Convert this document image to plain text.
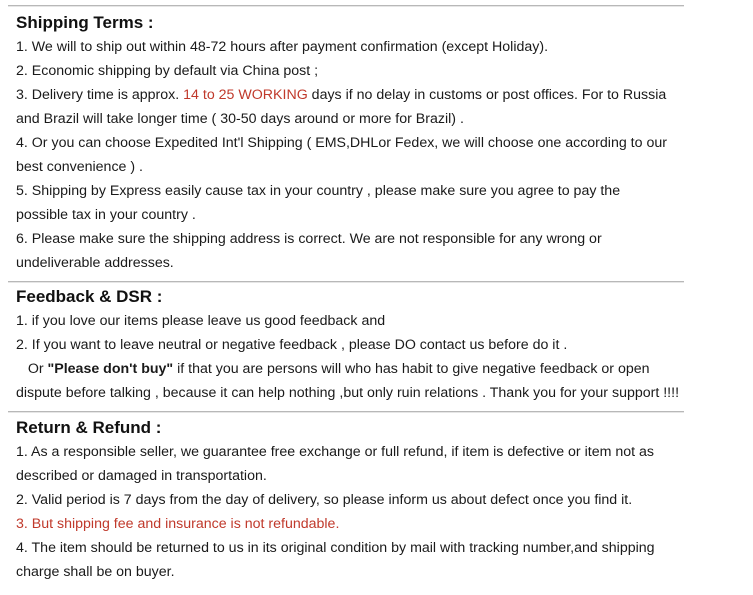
Shipping Terms :

1. We will to ship out within 48-72 hours after payment confirmation (except Holiday).

2. Economic shipping by default via China post ;

3. Delivery time is approx. 14 to 25 WORKING days if no delay in customs or post offices. For to Russia

and Brazil will take longer time ( 30-50 days around or more for Brazil) .

4. Or you can choose Expedited Int'l Shipping ( EMS,DHLor Fedex, we will choose one according to our

best convenience ) .

5. Shipping by Express easily cause tax in your country , please make sure you agree to pay the

possible tax in your country .

6. Please make sure the shipping address is correct. We are not responsible for any wrong or

undeliverable addresses.

Feedback & DSR :

1. if you love our items please leave us good feedback and

2. If you want to leave neutral or negative feedback , please DO contact us before do it .

Or "Please don't buy" if that you are persons will who has habit to give negative feedback or open

dispute before talking , because it can help nothing ,but only ruin relations . Thank you for your support !!!!

Return & Refund :

1. As a responsible seller, we guarantee free exchange or full refund, if item is defective or item not as

described or damaged in transportation.

2. Valid period is 7 days from the day of delivery, so please inform us about defect once you find it.

3. But shipping fee and insurance is not refundable.

4. The item should be returned to us in its original condition by mail with tracking number,and shipping

charge shall be on buyer.
